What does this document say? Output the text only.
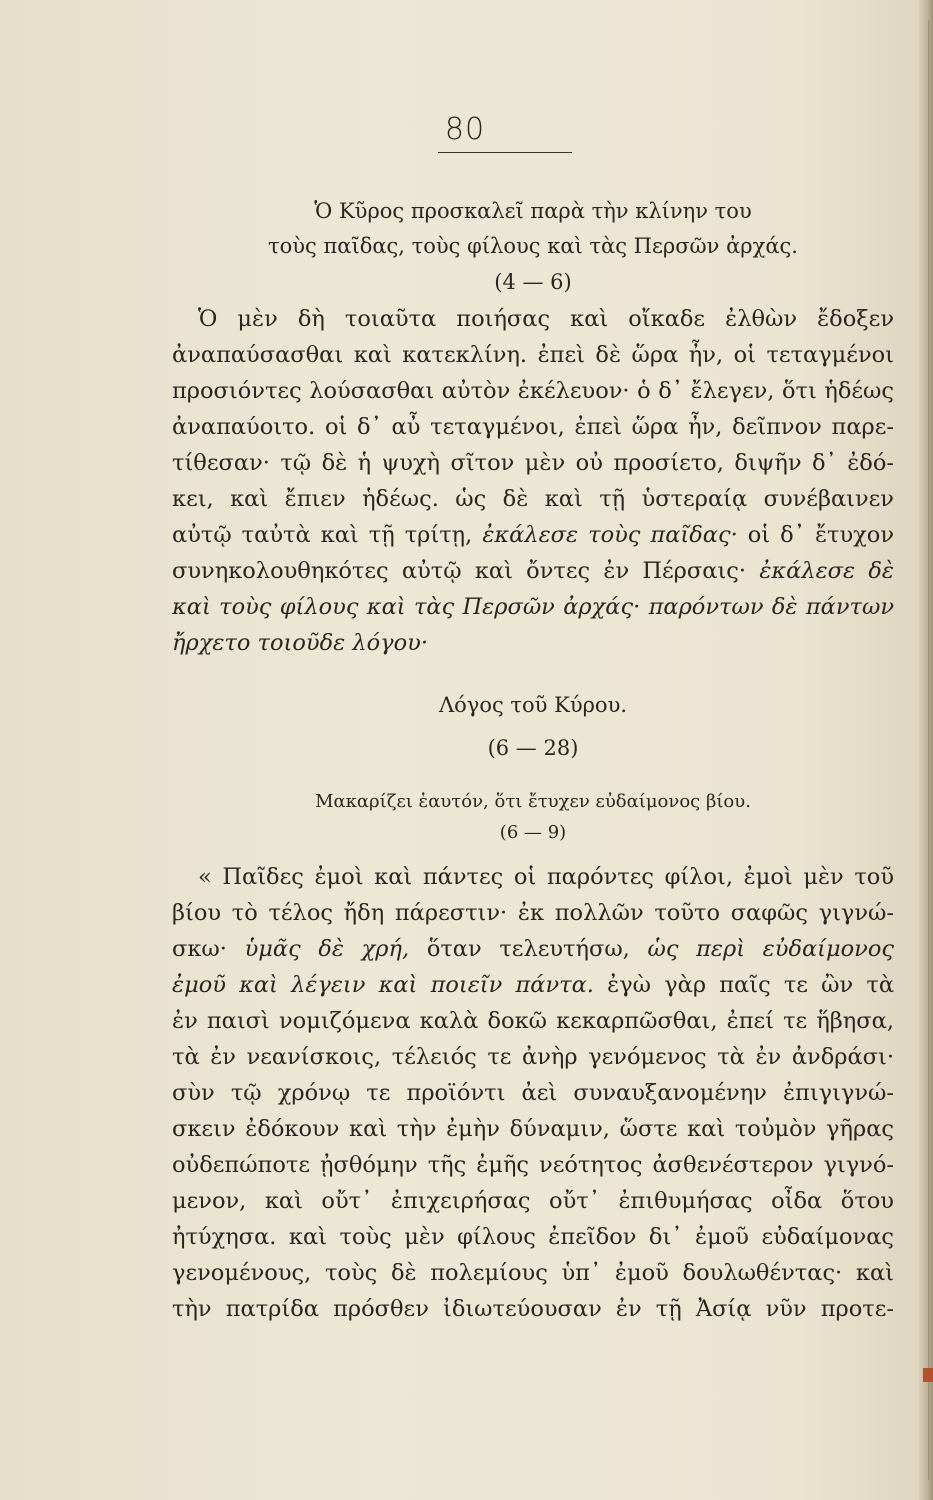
80
Ὁ Κῦρος προσκαλεῖ παρὰ τὴν κλίνην του
τοὺς παῖδας, τοὺς φίλους καὶ τὰς Περσῶν ἀρχάς.
(4 — 6)
Ὁ μὲν δὴ τοιαῦτα ποιήσας καὶ οἴκαδε ἐλθὼν ἔδοξεν
ἀναπαύσασθαι καὶ κατεκλίνη. ἐπεὶ δὲ ὥρα ἦν, οἱ τεταγμένοι
προσιόντες λούσασθαι αὐτὸν ἐκέλευον· ὁ δ᾽ ἔλεγεν, ὅτι ἡδέως
ἀναπαύοιτο. οἱ δ᾽ αὖ τεταγμένοι, ἐπεὶ ὥρα ἦν, δεῖπνον παρε-
τίθεσαν· τῷ δὲ ἡ ψυχὴ σῖτον μὲν οὐ προσίετο, διψῆν δ᾽ ἐδό-
κει, καὶ ἔπιεν ἡδέως. ὡς δὲ καὶ τῇ ὑστεραίᾳ συνέβαινεν
αὐτῷ ταὐτὰ καὶ τῇ τρίτῃ, ἐκάλεσε τοὺς παῖδας· οἱ δ᾽ ἔτυχον
συνηκολουθηκότες αὐτῷ καὶ ὄντες ἐν Πέρσαις· ἐκάλεσε δὲ
καὶ τοὺς φίλους καὶ τὰς Περσῶν ἀρχάς· παρόντων δὲ πάντων
ἤρχετο τοιοῦδε λόγου·
Λόγος τοῦ Κύρου.
(6 — 28)
Μακαρίζει ἑαυτόν, ὅτι ἔτυχεν εὐδαίμονος βίου.
(6 — 9)
« Παῖδες ἐμοὶ καὶ πάντες οἱ παρόντες φίλοι, ἐμοὶ μὲν τοῦ
βίου τὸ τέλος ἤδη πάρεστιν· ἐκ πολλῶν τοῦτο σαφῶς γιγνώ-
σκω· ὑμᾶς δὲ χρή, ὅταν τελευτήσω, ὡς περὶ εὐδαίμονος
ἐμοῦ καὶ λέγειν καὶ ποιεῖν πάντα. ἐγὼ γὰρ παῖς τε ὢν τὰ
ἐν παισὶ νομιζόμενα καλὰ δοκῶ κεκαρπῶσθαι, ἐπεί τε ἥβησα,
τὰ ἐν νεανίσκοις, τέλειός τε ἀνὴρ γενόμενος τὰ ἐν ἀνδράσι·
σὺν τῷ χρόνῳ τε προϊόντι ἀεὶ συναυξανομένην ἐπιγιγνώ-
σκειν ἐδόκουν καὶ τὴν ἐμὴν δύναμιν, ὥστε καὶ τοὐμὸν γῆρας
οὐδεπώποτε ᾐσθόμην τῆς ἐμῆς νεότητος ἀσθενέστερον γιγνό-
μενον, καὶ οὔτ᾽ ἐπιχειρήσας οὔτ᾽ ἐπιθυμήσας οἶδα ὅτου
ἠτύχησα. καὶ τοὺς μὲν φίλους ἐπεῖδον δι᾽ ἐμοῦ εὐδαίμονας
γενομένους, τοὺς δὲ πολεμίους ὑπ᾽ ἐμοῦ δουλωθέντας· καὶ
τὴν πατρίδα πρόσθεν ἰδιωτεύουσαν ἐν τῇ Ἀσίᾳ νῦν προτε-
